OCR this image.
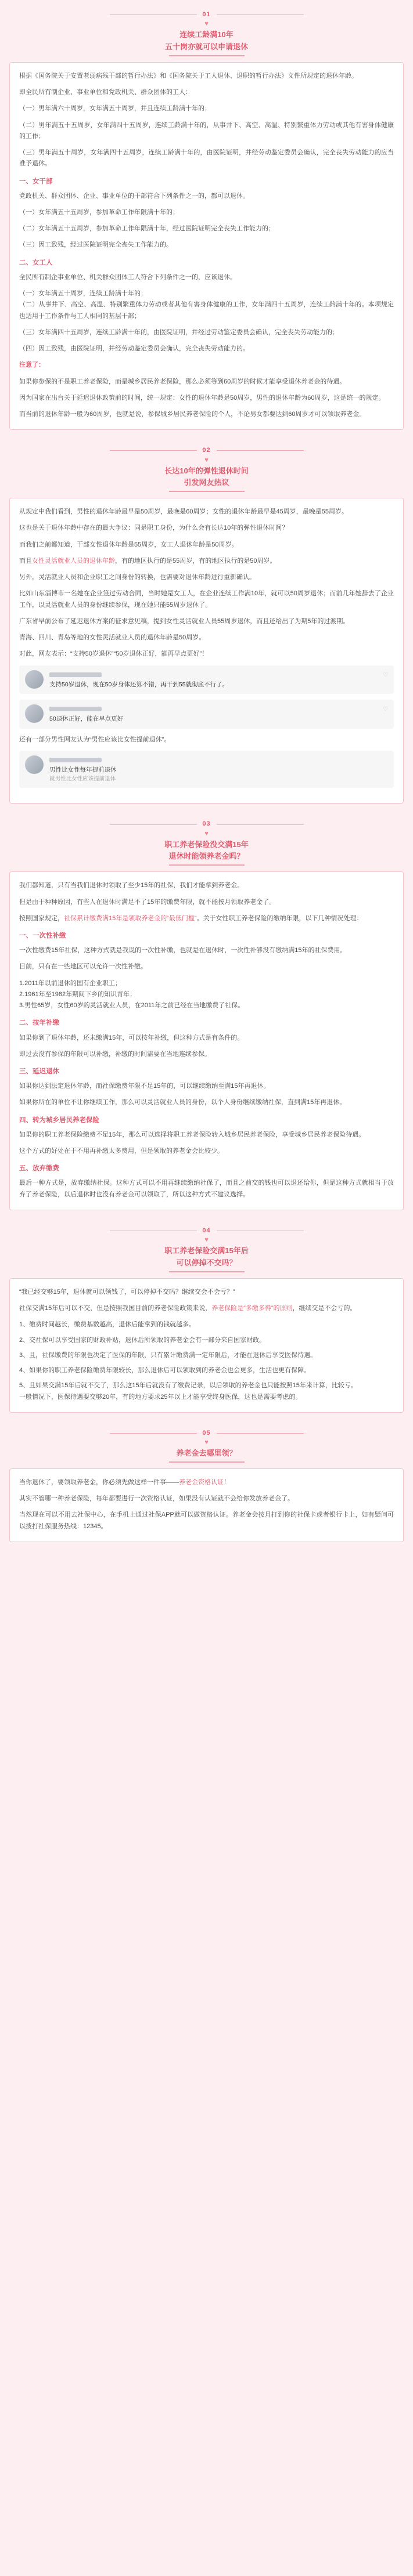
01
♥
连续工龄满10年
五十岗亦就可以申请退休

根据《国务院关于安置老弱病残干部的暂行办法》和《国务院关于工人退休、退职的暂行办法》文件所规定的退休年龄。

即全民所有制企业、事业单位和党政机关、群众团体的工人：

（一）男年满六十周岁，女年满五十周岁，并且连续工龄满十年的；

（二）男年满五十五周岁，女年满四十五周岁，连续工龄满十年的，从事井下、高空、高温、特别繁重体力劳动或其他有害身体健康的工作；

（三）男年满五十周岁，女年满四十五周岁，连续工龄满十年的，由医院证明，并经劳动鉴定委员会确认，完全丧失劳动能力的应当准予退休。

一、女干部

党政机关、群众团体、企业、事业单位的干部符合下列条件之一的，都可以退休。

（一）女年满五十五周岁，参加革命工作年限满十年的；

（二）女年满五十五周岁，参加革命工作年限满十年，经过医院证明完全丧失工作能力的；

（三）因工致残，经过医院证明完全丧失工作能力的。

二、女工人

全民所有制企事业单位、机关群众团体工人符合下列条件之一的，应该退休。

（一）女年满五十周岁，连续工龄满十年的；
（二）从事井下、高空、高温、特别繁重体力劳动或者其他有害身体健康的工作，女年满四十五周岁，连续工龄满十年的。本项规定也适用于工作条件与工人相同的基层干部；

（三）女年满四十五周岁，连续工龄满十年的，由医院证明，并经过劳动鉴定委员会确认，完全丧失劳动能力的；

（四）因工致残，由医院证明，并经劳动鉴定委员会确认，完全丧失劳动能力的。

注意了：

如果你参保的不是职工养老保险，而是城乡居民养老保险，那么必须等到60周岁的时候才能享受退休养老金的待遇。

因为国家在出台关于延迟退休政策前的时间，统一规定：女性的退休年龄是50周岁，男性的退休年龄为60周岁，这是统一的规定。

而当前的退休年龄一般为60周岁，也就是说，参保城乡居民养老保险的个人，不论男女都要达到60周岁才可以领取养老金。

02
♥
长达10年的弹性退休时间
引发网友热议

从规定中我们看到，男性的退休年龄最早是50周岁，最晚是60周岁；女性的退休年龄最早是45周岁，最晚是55周岁。

这也是关于退休年龄中存在的最大争议：同是职工身份，为什么会有长达10年的弹性退休时间？

而我们之前都知道，干部女性退休年龄是55周岁，女工人退休年龄是50周岁。

而且女性灵活就业人员的退休年龄，有的地区执行的是55周岁，有的地区执行的是50周岁。

另外，灵活就业人员和企业职工之间身份的转换，也需要对退休年龄进行重新确认。

比如山东淄博市一名她在企业签过劳动合同，当时她是女工人，在企业连续工作满10年，就可以50周岁退休；而前几年她辞去了企业工作，以灵活就业人员的身份继续参保，现在她只能55周岁退休了。

广东省早前公布了延迟退休方案的征求意见稿，提到女性灵活就业人员55周岁退休，而且还给出了为期5年的过渡期。

青海、四川、青岛等地的女性灵活就业人员的退休年龄是50周岁。

对此，网友表示：“支持50岁退休”“50岁退休正好，能再早点更好”！

支持50岁退休，现在50岁身体还算不错，再干到55就彻底不行了。
♡
50退休正好，能在早点更好
♡

还有一部分男性网友认为“男性应该比女性提前退休”。

男性比女性每年提前退休
就男性比女性应该提前退休
03
♥
职工养老保险没交满15年
退休时能领养老金吗？

我们都知道，只有当我们退休时领取了至少15年的社保，我们才能拿到养老金。

但是由于种种原因，有些人在退休时满足不了15年的缴费年限，就不能按月领取养老金了。

按照国家规定，社保累计缴费满15年是领取养老金的“最低门槛”。关于女性职工养老保险的缴纳年限，以下几种情况处理：

一、一次性补缴

一次性缴费15年社保，这种方式就是我说的一次性补缴，也就是在退休时，一次性补够没有缴纳满15年的社保费用。

目前，只有在一些地区可以允许一次性补缴。

1.2011年以前退休的国有企业职工；
2.1961年至1982年期间下乡的知识青年；
3.男性65岁，女性60岁的灵活就业人员，在2011年之前已经在当地缴费了社保。

二、按年补缴

如果你到了退休年龄，还未缴满15年，可以按年补缴，但这种方式是有条件的。

即过去没有参保的年限可以补缴，补缴的时间需要在当地连续参保。

三、延迟退休

如果你达到法定退休年龄，而社保缴费年限不足15年的，可以继续缴纳至满15年再退休。

如果你所在的单位不让你继续工作，那么可以灵活就业人员的身份，以个人身份继续缴纳社保，直到满15年再退休。

四、转为城乡居民养老保险

如果你的职工养老保险缴费不足15年，那么可以选择将职工养老保险转入城乡居民养老保险，享受城乡居民养老保险待遇。

这个方式的好处在于不用再补缴太多费用，但是领取的养老金会比较少。

五、放弃缴费

最后一种方式是，放弃缴纳社保。这种方式可以不用再继续缴纳社保了，而且之前交的钱也可以退还给你，但是这种方式就相当于放弃了养老保险，以后退休时也没有养老金可以领取了，所以这种方式不建议选择。

04
♥
职工养老保险交满15年后
可以停掉不交吗？

“我已经交够15年，退休就可以领钱了，可以停掉不交吗？继续交会不会亏？”

社保交满15年后可以不交，但是按照我国目前的养老保险政策来说，养老保险是“多缴多得”的原则，继续交是不会亏的。

1、缴费时间越长，缴费基数越高，退休后能拿到的钱就越多。

2、交社保可以享受国家的财政补贴，退休后所领取的养老金会有一部分来自国家财政。

3、且，社保缴费的年限也决定了医保的年限，只有累计缴费满一定年限后，才能在退休后享受医保待遇。

4、如果你的职工养老保险缴费年限较长，那么退休后可以领取到的养老金也会更多，生活也更有保障。

5、且如果交满15年后就不交了，那么这15年后就没有了缴费记录，以后领取的养老金也只能按照15年来计算，比较亏。

一般情况下，医保待遇要交够20年，有的地方要求25年以上才能享受终身医保，这也是需要考虑的。

05
♥
养老金去哪里领？

当你退休了，要领取养老金，你必须先做这样一件事——养老金资格认证！

其实不管哪一种养老保险，每年都要进行一次资格认证，如果没有认证就不会给你发放养老金了。

当然现在可以不用去社保中心，在手机上通过社保APP就可以做资格认证。养老金会按月打到你的社保卡或者银行卡上，如有疑问可以拨打社保服务热线：12345。
